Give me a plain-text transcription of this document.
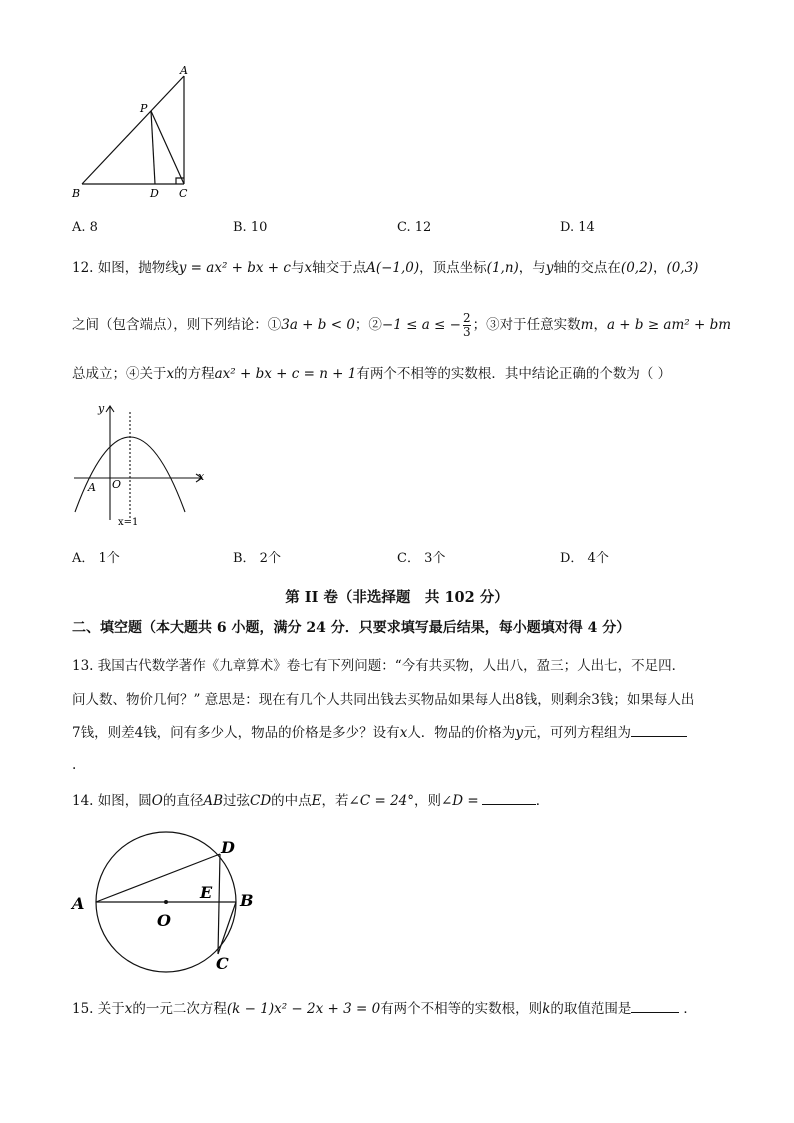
A
P
B	D C
A. 8	B. 10	C. 12	D. 14
12. 如图，抛物线y = ax² + bx + c与x轴交于点A(−1,0)，顶点坐标(1,n)，与y轴的交点在(0,2)，(0,3)
之间（包含端点），则下列结论：①3a + b < 0；②−1 ≤ a ≤ − $\frac{2}{3}$ ；③对于任意实数m，a + b ≥ am² + bm
总成立；④关于x的方程ax² + bx + c = n + 1有两个不相等的实数根．其中结论正确的个数为（ ）
y
x
O
A
x=1
A． 1个	B． 2个	C． 3个	D． 4个
第 II 卷（非选择题　共 102 分）
二、填空题（本大题共 6 小题，满分 24 分．只要求填写最后结果，每小题填对得 4 分）
13. 我国古代数学著作《九章算术》卷七有下列问题：“今有共买物，人出八，盈三；人出七，不足四．
问人数、物价几何？” 意思是：现在有几个人共同出钱去买物品如果每人出8钱，则剩余3钱；如果每人出
7钱，则差4钱，问有多少人，物品的价格是多少？设有x人．物品的价格为y元，可列方程组为
.
14. 如图，圆O的直径AB过弦CD的中点E，若∠C = 24°，则∠D =	．
A	B
C
D
E
O
15. 关于x的一元二次方程(k − 1)x² − 2x + 3 = 0有两个不相等的实数根，则k的取值范围是	．
